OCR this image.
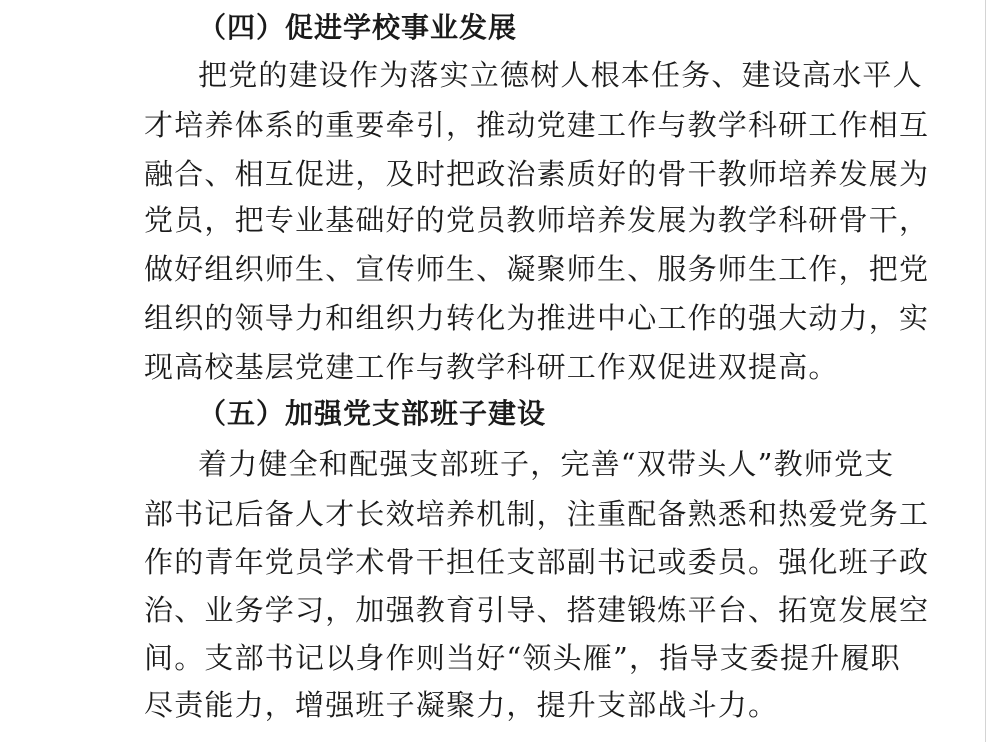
（四）促进学校事业发展
把党的建设作为落实立德树人根本任务、建设高水平人
才培养体系的重要牵引，推动党建工作与教学科研工作相互
融合、相互促进，及时把政治素质好的骨干教师培养发展为
党员，把专业基础好的党员教师培养发展为教学科研骨干，
做好组织师生、宣传师生、凝聚师生、服务师生工作，把党
组织的领导力和组织力转化为推进中心工作的强大动力，实
现高校基层党建工作与教学科研工作双促进双提高。
（五）加强党支部班子建设
着力健全和配强支部班子，完善“双带头人”教师党支
部书记后备人才长效培养机制，注重配备熟悉和热爱党务工
作的青年党员学术骨干担任支部副书记或委员。强化班子政
治、业务学习，加强教育引导、搭建锻炼平台、拓宽发展空
间。支部书记以身作则当好“领头雁”，指导支委提升履职
尽责能力，增强班子凝聚力，提升支部战斗力。
